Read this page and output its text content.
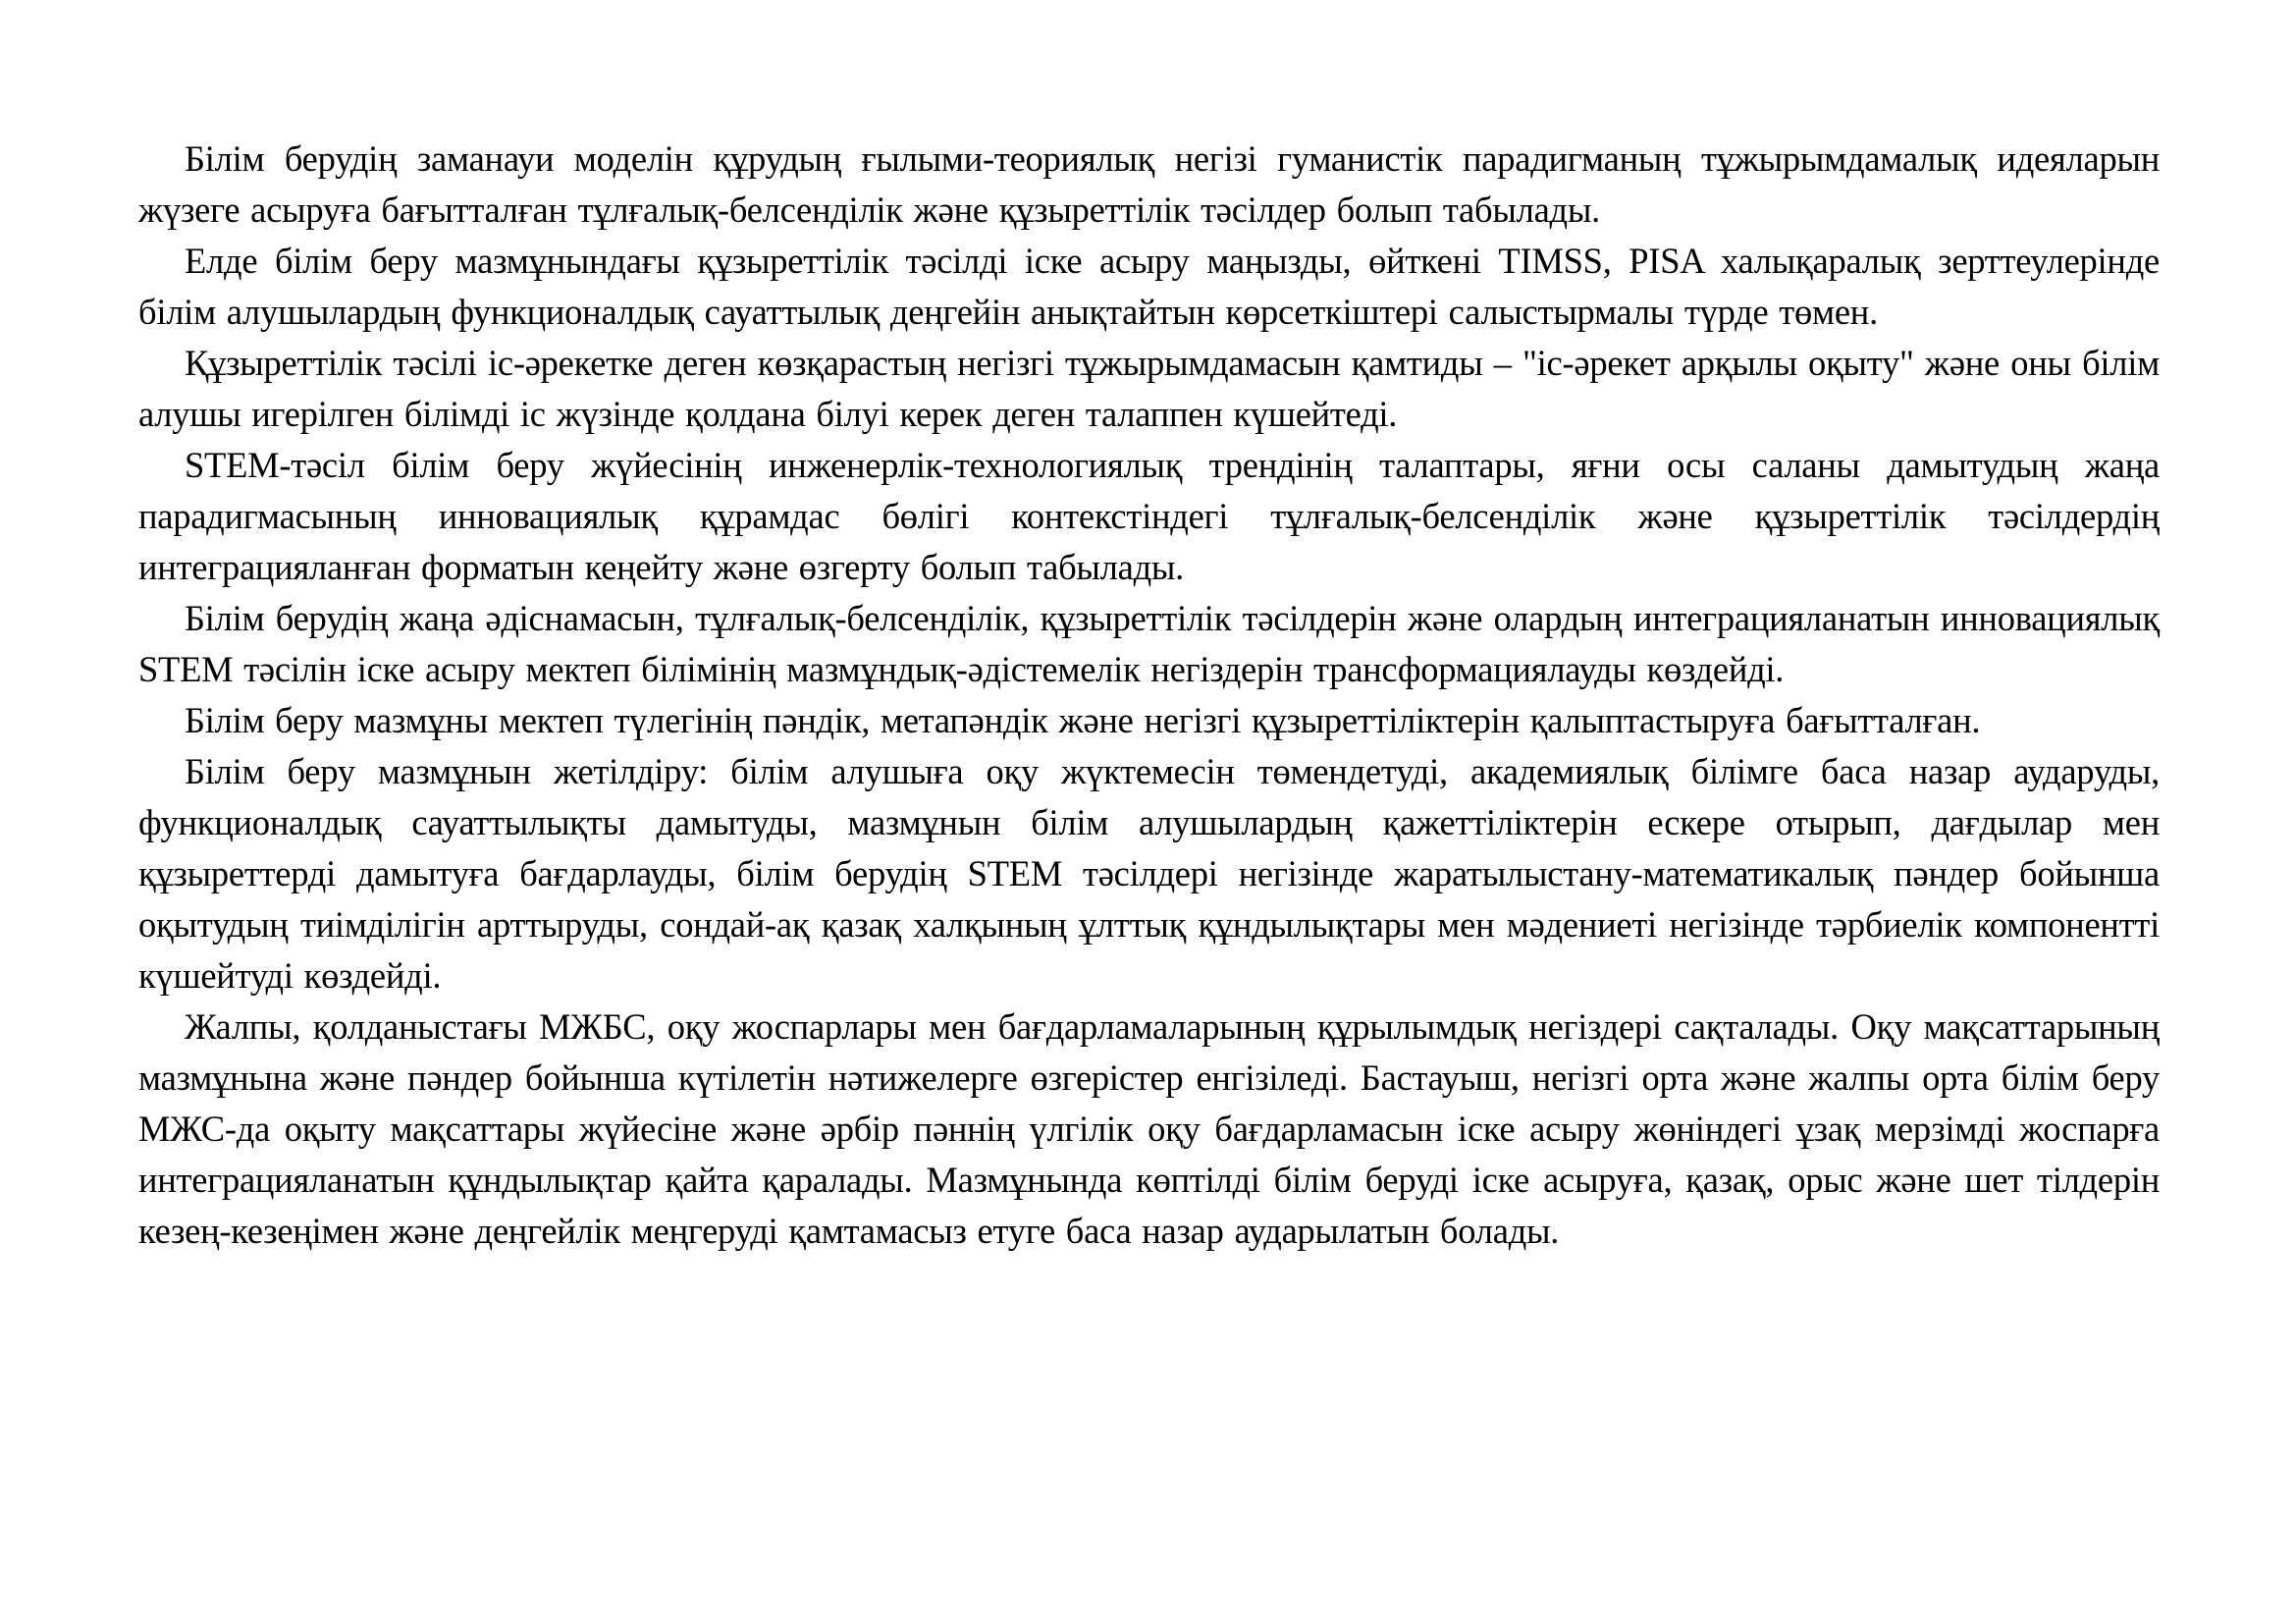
Білім берудің заманауи моделін құрудың ғылыми-теориялық негізі гуманистік парадигманың тұжырымдамалық идеяларын жүзеге асыруға бағытталған тұлғалық-белсенділік және құзыреттілік тәсілдер болып табылады.

Елде білім беру мазмұнындағы құзыреттілік тәсілді іске асыру маңызды, өйткені TIMSS, PISA халықаралық зерттеулерінде білім алушылардың функционалдық сауаттылық деңгейін анықтайтын көрсеткіштері салыстырмалы түрде төмен.

Құзыреттілік тәсілі іс-әрекетке деген көзқарастың негізгі тұжырымдамасын қамтиды – "іс-әрекет арқылы оқыту" және оны білім алушы игерілген білімді іс жүзінде қолдана білуі керек деген талаппен күшейтеді.

STEM-тәсіл білім беру жүйесінің инженерлік-технологиялық трендінің талаптары, яғни осы саланы дамытудың жаңа парадигмасының инновациялық құрамдас бөлігі контекстіндегі тұлғалық-белсенділік және құзыреттілік тәсілдердің интеграцияланған форматын кеңейту және өзгерту болып табылады.

Білім берудің жаңа әдіснамасын, тұлғалық-белсенділік, құзыреттілік тәсілдерін және олардың интеграцияланатын инновациялық STEM тәсілін іске асыру мектеп білімінің мазмұндық-әдістемелік негіздерін трансформациялауды көздейді.

Білім беру мазмұны мектеп түлегінің пәндік, метапәндік және негізгі құзыреттіліктерін қалыптастыруға бағытталған.

Білім беру мазмұнын жетілдіру: білім алушыға оқу жүктемесін төмендетуді, академиялық білімге баса назар аударуды, функционалдық сауаттылықты дамытуды, мазмұнын білім алушылардың қажеттіліктерін ескере отырып, дағдылар мен құзыреттерді дамытуға бағдарлауды, білім берудің STEM тәсілдері негізінде жаратылыстану-математикалық пәндер бойынша оқытудың тиімділігін арттыруды, сондай-ақ қазақ халқының ұлттық құндылықтары мен мәдениеті негізінде тәрбиелік компонентті күшейтуді көздейді.

Жалпы, қолданыстағы МЖБС, оқу жоспарлары мен бағдарламаларының құрылымдық негіздері сақталады. Оқу мақсаттарының мазмұнына және пәндер бойынша күтілетін нәтижелерге өзгерістер енгізіледі. Бастауыш, негізгі орта және жалпы орта білім беру МЖС-да оқыту мақсаттары жүйесіне және әрбір пәннің үлгілік оқу бағдарламасын іске асыру жөніндегі ұзақ мерзімді жоспарға интеграцияланатын құндылықтар қайта қаралады. Мазмұнында көптілді білім беруді іске асыруға, қазақ, орыс және шет тілдерін кезең-кезеңімен және деңгейлік меңгеруді қамтамасыз етуге баса назар аударылатын болады.
